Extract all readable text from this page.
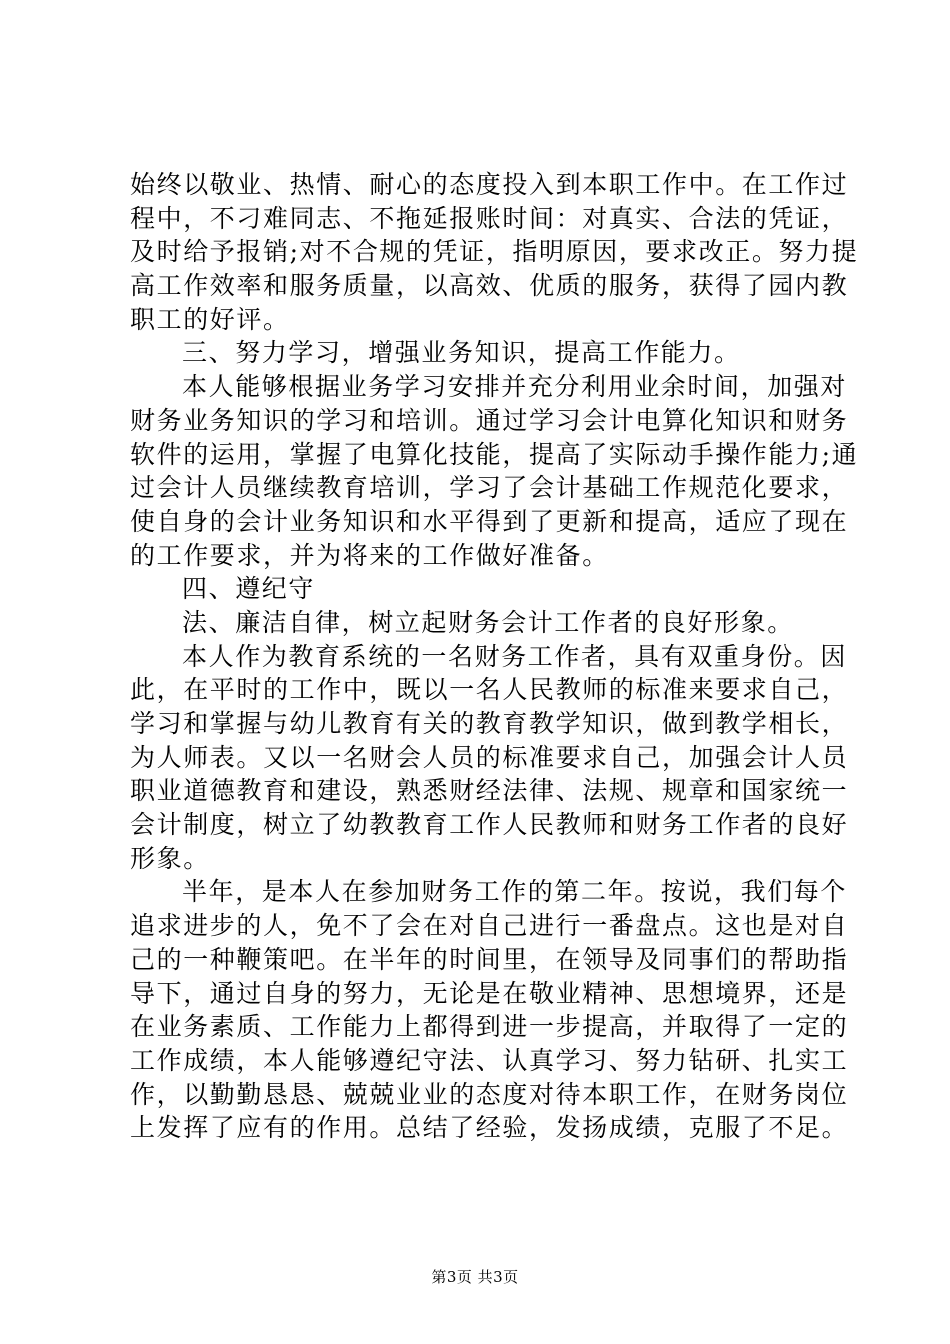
始终以敬业、热情、耐心的态度投入到本职工作中。在工作过
程中，不刁难同志、不拖延报账时间：对真实、合法的凭证，
及时给予报销;对不合规的凭证，指明原因，要求改正。努力提
高工作效率和服务质量，以高效、优质的服务，获得了园内教
职工的好评。
三、努力学习，增强业务知识，提高工作能力。
本人能够根据业务学习安排并充分利用业余时间，加强对
财务业务知识的学习和培训。通过学习会计电算化知识和财务
软件的运用，掌握了电算化技能，提高了实际动手操作能力;通
过会计人员继续教育培训，学习了会计基础工作规范化要求，
使自身的会计业务知识和水平得到了更新和提高，适应了现在
的工作要求，并为将来的工作做好准备。
四、遵纪守
法、廉洁自律，树立起财务会计工作者的良好形象。
本人作为教育系统的一名财务工作者，具有双重身份。因
此，在平时的工作中，既以一名人民教师的标准来要求自己，
学习和掌握与幼儿教育有关的教育教学知识，做到教学相长，
为人师表。又以一名财会人员的标准要求自己，加强会计人员
职业道德教育和建设，熟悉财经法律、法规、规章和国家统一
会计制度，树立了幼教教育工作人民教师和财务工作者的良好
形象。
半年，是本人在参加财务工作的第二年。按说，我们每个
追求进步的人，免不了会在对自己进行一番盘点。这也是对自
己的一种鞭策吧。在半年的时间里，在领导及同事们的帮助指
导下，通过自身的努力，无论是在敬业精神、思想境界，还是
在业务素质、工作能力上都得到进一步提高，并取得了一定的
工作成绩，本人能够遵纪守法、认真学习、努力钻研、扎实工
作，以勤勤恳恳、兢兢业业的态度对待本职工作，在财务岗位
上发挥了应有的作用。总结了经验，发扬成绩，克服了不足。
第3页 共3页
